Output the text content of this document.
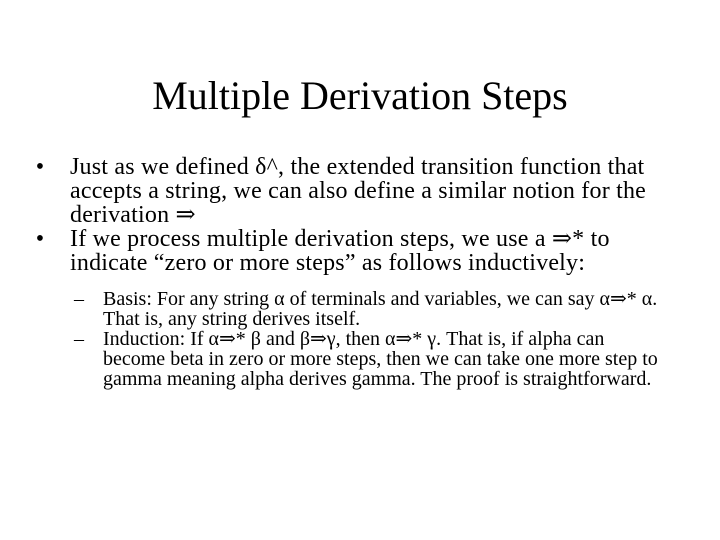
Multiple Derivation Steps
• Just as we defined δ^, the extended transition function that accepts a string, we can also define a similar notion for the derivation ⇒
• If we process multiple derivation steps, we use a ⇒* to indicate “zero or more steps” as follows inductively:
– Basis: For any string α of terminals and variables, we can say α⇒* α. That is, any string derives itself.
– Induction: If α⇒* β and β⇒γ, then α⇒* γ. That is, if alpha can become beta in zero or more steps, then we can take one more step to gamma meaning alpha derives gamma. The proof is straightforward.
